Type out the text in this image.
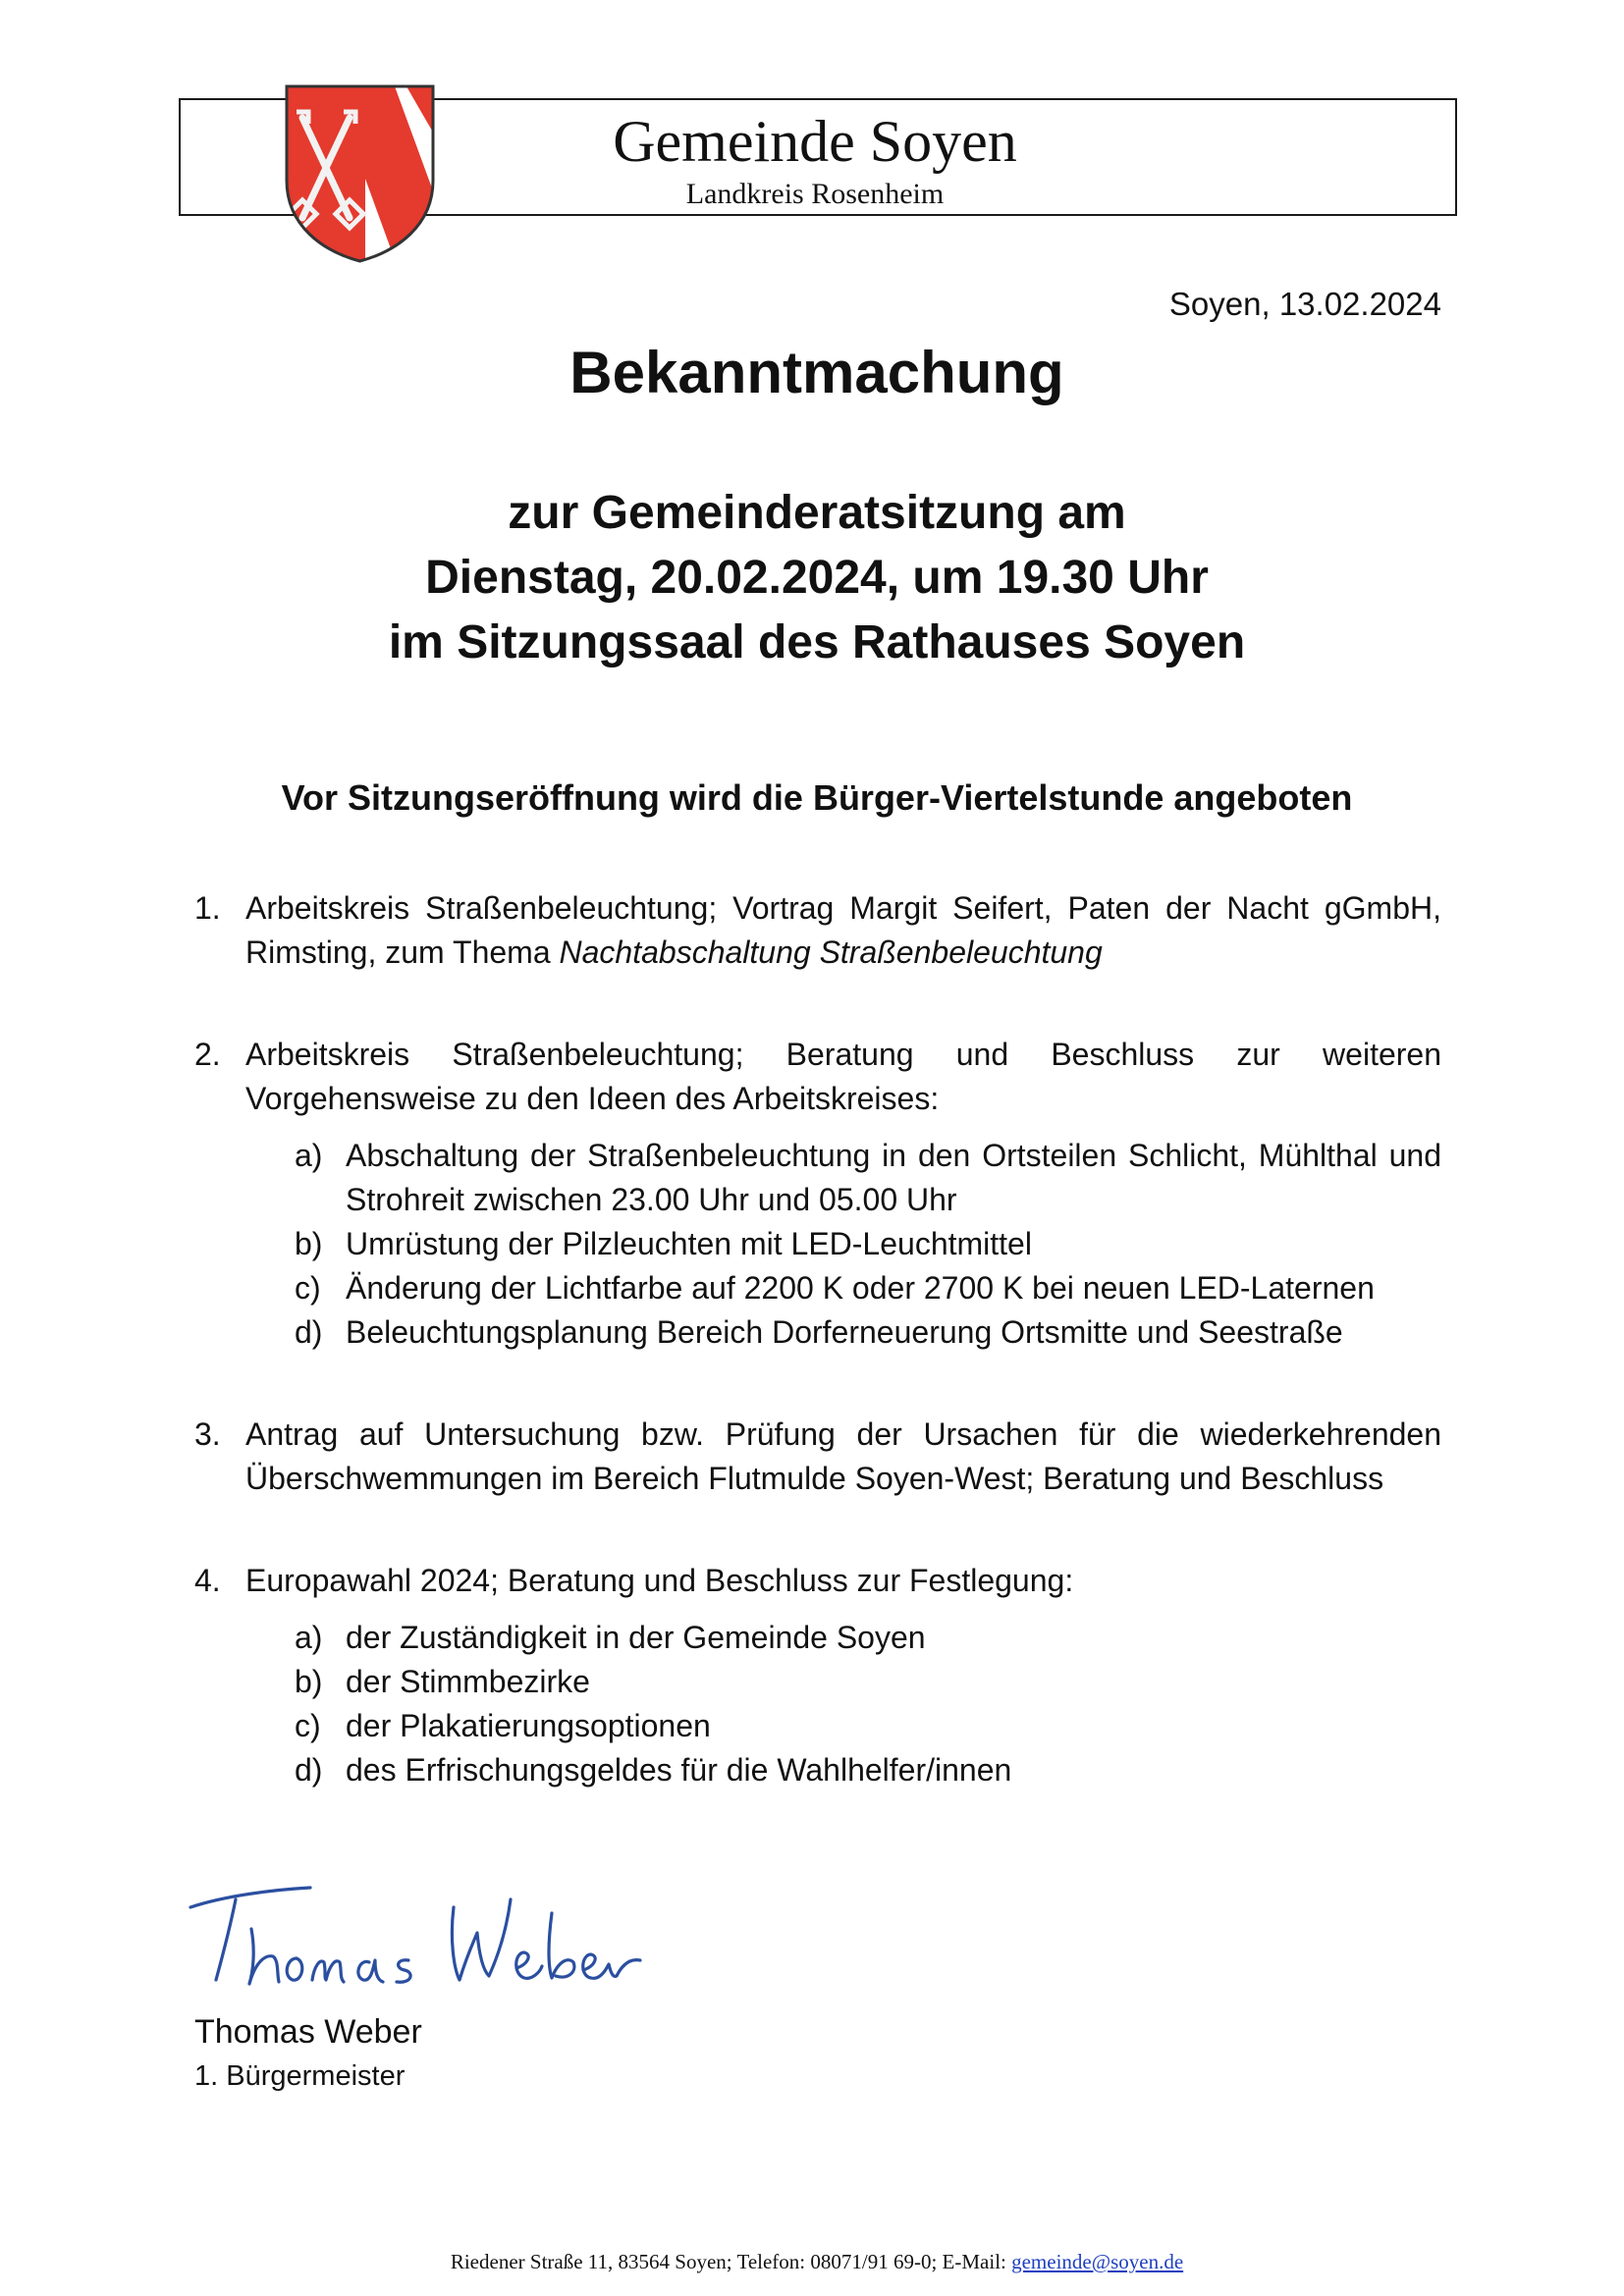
Gemeinde Soyen
Landkreis Rosenheim
Soyen, 13.02.2024
Bekanntmachung
zur Gemeinderatsitzung am
Dienstag, 20.02.2024, um 19.30 Uhr
im Sitzungssaal des Rathauses Soyen
Vor Sitzungseröffnung wird die Bürger-Viertelstunde angeboten
1. Arbeitskreis Straßenbeleuchtung; Vortrag Margit Seifert, Paten der Nacht gGmbH, Rimsting, zum Thema Nachtabschaltung Straßenbeleuchtung
2. Arbeitskreis Straßenbeleuchtung; Beratung und Beschluss zur weiteren Vorgehensweise zu den Ideen des Arbeitskreises:
a) Abschaltung der Straßenbeleuchtung in den Ortsteilen Schlicht, Mühlthal und Strohreit zwischen 23.00 Uhr und 05.00 Uhr
b) Umrüstung der Pilzleuchten mit LED-Leuchtmittel
c) Änderung der Lichtfarbe auf 2200 K oder 2700 K bei neuen LED-Laternen
d) Beleuchtungsplanung Bereich Dorferneuerung Ortsmitte und Seestraße
3. Antrag auf Untersuchung bzw. Prüfung der Ursachen für die wiederkehrenden Überschwemmungen im Bereich Flutmulde Soyen-West; Beratung und Beschluss
4. Europawahl 2024; Beratung und Beschluss zur Festlegung:
a) der Zuständigkeit in der Gemeinde Soyen
b) der Stimmbezirke
c) der Plakatierungsoptionen
d) des Erfrischungsgeldes für die Wahlhelfer/innen
Thomas Weber
1. Bürgermeister
Riedener Straße 11, 83564 Soyen; Telefon: 08071/91 69-0; E-Mail: gemeinde@soyen.de
